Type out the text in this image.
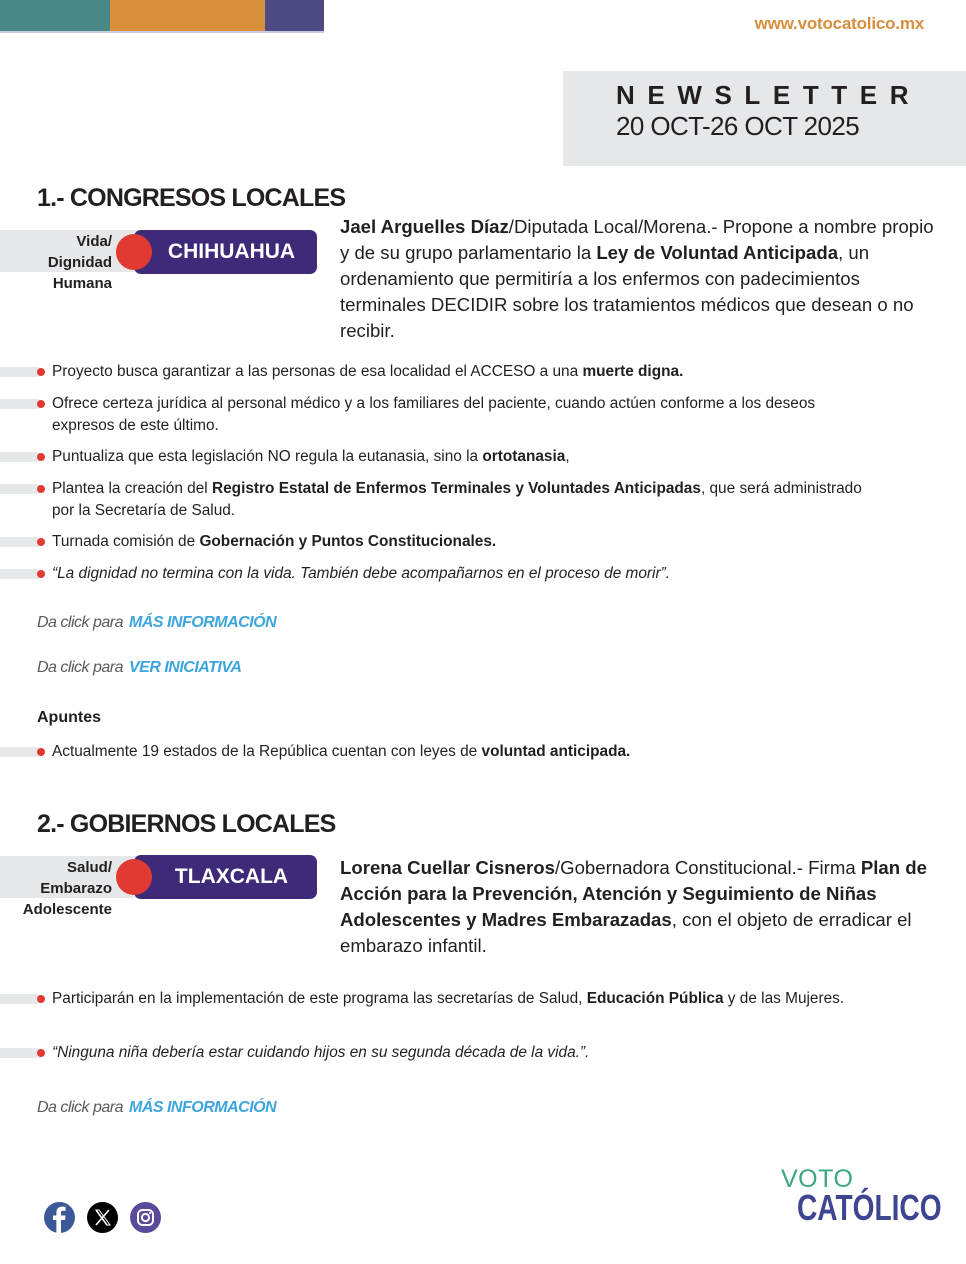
www.votocatolico.mx
NEWSLETTER
20 OCT-26 OCT 2025
1.- CONGRESOS LOCALES
Vida/
Dignidad
Humana
CHIHUAHUA
Jael Arguelles Díaz/Diputada Local/Morena.- Propone a nombre propio y de su grupo parlamentario la Ley de Voluntad Anticipada, un ordenamiento que permitiría a los enfermos con padecimientos terminales DECIDIR sobre los tratamientos médicos que desean o no recibir.
Proyecto busca garantizar a las personas de esa localidad el ACCESO a una muerte digna.
Ofrece certeza jurídica al personal médico y a los familiares del paciente, cuando actúen conforme a los deseos expresos de este último.
Puntualiza que esta legislación NO regula la eutanasia, sino la ortotanasia,
Plantea la creación del Registro Estatal de Enfermos Terminales y Voluntades Anticipadas, que será administrado por la Secretaría de Salud.
Turnada comisión de Gobernación y Puntos Constitucionales.
“La dignidad no termina con la vida. También debe acompañarnos en el proceso de morir”.
Da click para MÁS INFORMACIÓN
Da click para VER INICIATIVA
Apuntes
Actualmente 19 estados de la República cuentan con leyes de voluntad anticipada.
2.- GOBIERNOS LOCALES
Salud/
Embarazo
Adolescente
TLAXCALA	Lorena Cuellar Cisneros/Gobernadora Constitucional.- Firma Plan de Acción para la Prevención, Atención y Seguimiento de Niñas Adolescentes y Madres Embarazadas, con el objeto de erradicar el embarazo infantil.
Participarán en la implementación de este programa las secretarías de Salud, Educación Pública y de las Mujeres.
“Ninguna niña debería estar cuidando hijos en su segunda década de la vida.”.
Da click para MÁS INFORMACIÓN
VOTO
CATÓLICO
